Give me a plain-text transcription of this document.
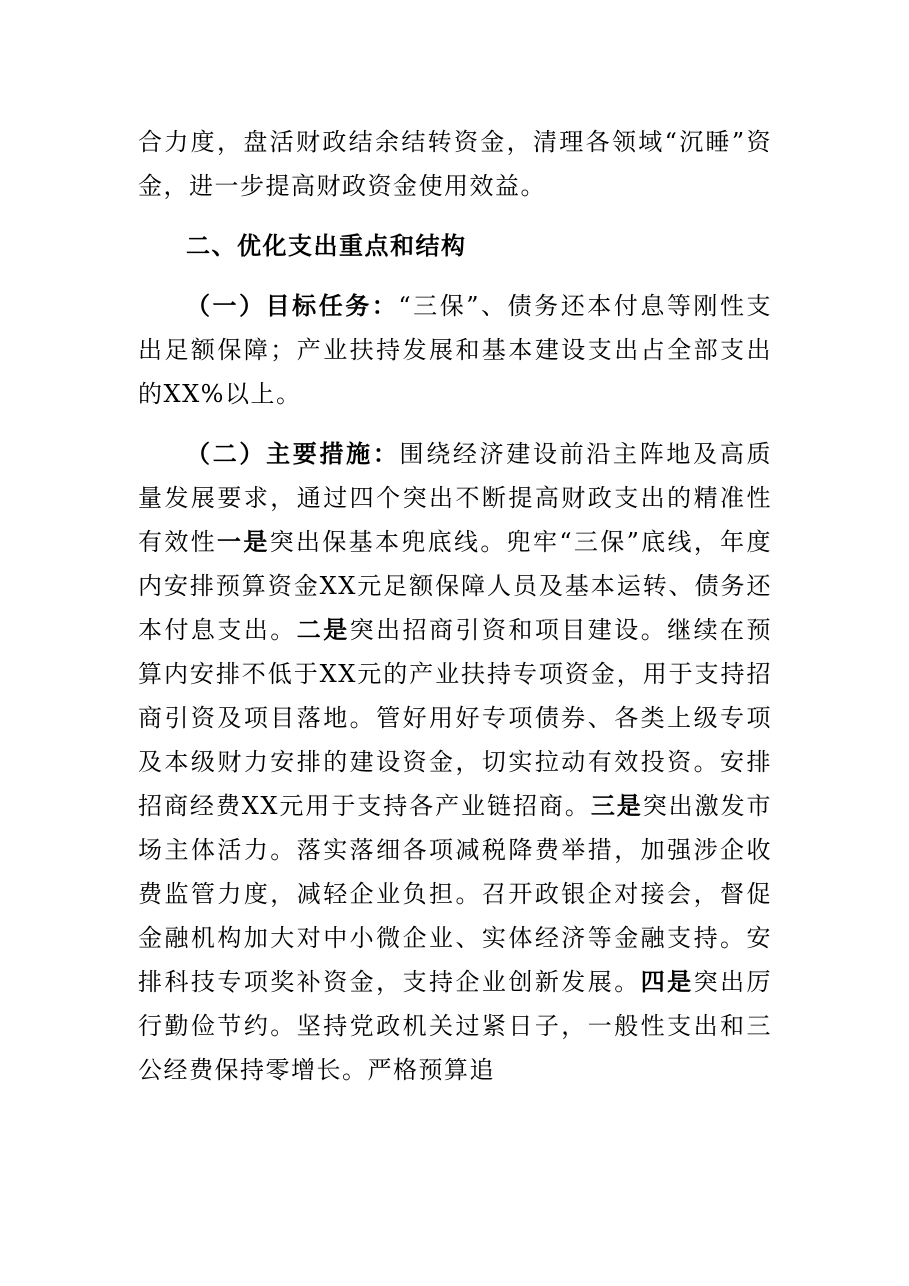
合力度，盘活财政结余结转资金，清理各领域“沉睡”资金，进一步提高财政资金使用效益。

二、优化支出重点和结构

（一）目标任务：“三保”、债务还本付息等刚性支出足额保障；产业扶持发展和基本建设支出占全部支出的XX%以上。

（二）主要措施：围绕经济建设前沿主阵地及高质量发展要求，通过四个突出不断提高财政支出的精准性有效性一是突出保基本兜底线。兜牢“三保”底线，年度内安排预算资金XX元足额保障人员及基本运转、债务还本付息支出。二是突出招商引资和项目建设。继续在预算内安排不低于XX元的产业扶持专项资金，用于支持招商引资及项目落地。管好用好专项债券、各类上级专项及本级财力安排的建设资金，切实拉动有效投资。安排招商经费XX元用于支持各产业链招商。三是突出激发市场主体活力。落实落细各项减税降费举措，加强涉企收费监管力度，减轻企业负担。召开政银企对接会，督促金融机构加大对中小微企业、实体经济等金融支持。安排科技专项奖补资金，支持企业创新发展。四是突出厉行勤俭节约。坚持党政机关过紧日子，一般性支出和三公经费保持零增长。严格预算追
